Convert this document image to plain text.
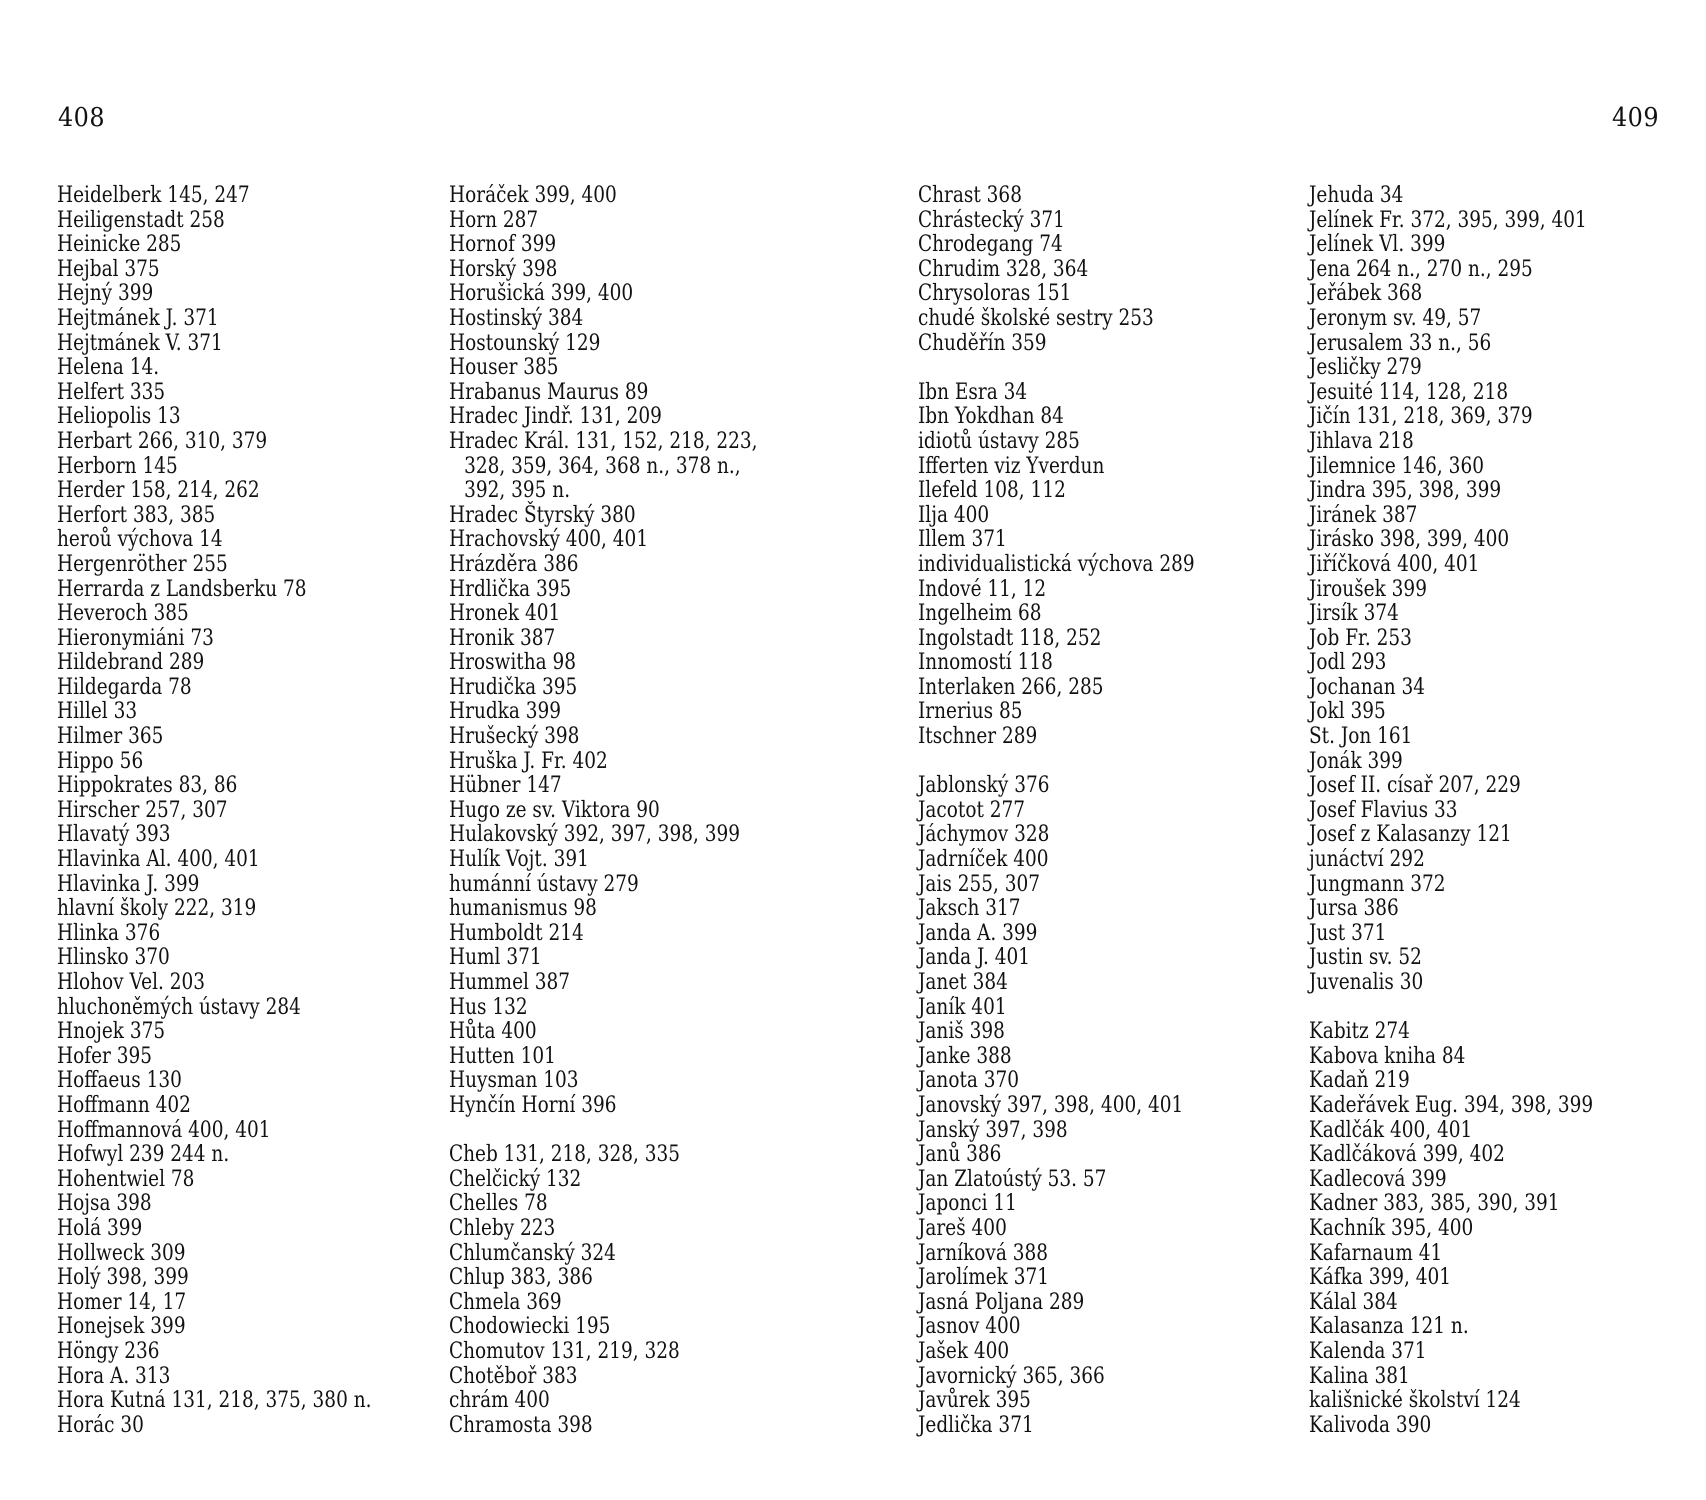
408	409
Heidelberk 145, 247
Heiligenstadt 258
Heinicke 285
Hejbal 375
Hejný 399
Hejtmánek J. 371
Hejtmánek V. 371
Helena 14.
Helfert 335
Heliopolis 13
Herbart 266, 310, 379
Herborn 145
Herder 158, 214, 262
Herfort 383, 385
heroů výchova 14
Hergenröther 255
Herrarda z Landsberku 78
Heveroch 385
Hieronymiáni 73
Hildebrand 289
Hildegarda 78
Hillel 33
Hilmer 365
Hippo 56
Hippokrates 83, 86
Hirscher 257, 307
Hlavatý 393
Hlavinka Al. 400, 401
Hlavinka J. 399
hlavní školy 222, 319
Hlinka 376
Hlinsko 370
Hlohov Vel. 203
hluchoněmých ústavy 284
Hnojek 375
Hofer 395
Hoffaeus 130
Hoffmann 402
Hoffmannová 400, 401
Hofwyl 239 244 n.
Hohentwiel 78
Hojsa 398
Holá 399
Hollweck 309
Holý 398, 399
Homer 14, 17
Honejsek 399
Höngy 236
Hora A. 313
Hora Kutná 131, 218, 375, 380 n.
Horác 30
Horáček 399, 400
Horn 287
Hornof 399
Horský 398
Horušická 399, 400
Hostinský 384
Hostounský 129
Houser 385
Hrabanus Maurus 89
Hradec Jindř. 131, 209
Hradec Král. 131, 152, 218, 223,
328, 359, 364, 368 n., 378 n.,
392, 395 n.
Hradec Štyrský 380
Hrachovský 400, 401
Hrázděra 386
Hrdlička 395
Hronek 401
Hronik 387
Hroswitha 98
Hrudička 395
Hrudka 399
Hrušecký 398
Hruška J. Fr. 402
Hübner 147
Hugo ze sv. Viktora 90
Hulakovský 392, 397, 398, 399
Hulík Vojt. 391
humánní ústavy 279
humanismus 98
Humboldt 214
Huml 371
Hummel 387
Hus 132
Hůta 400
Hutten 101
Huysman 103
Hynčín Horní 396
Cheb 131, 218, 328, 335
Chelčický 132
Chelles 78
Chleby 223
Chlumčanský 324
Chlup 383, 386
Chmela 369
Chodowiecki 195
Chomutov 131, 219, 328
Chotěboř 383
chrám 400
Chramosta 398
Chrast 368
Chrástecký 371
Chrodegang 74
Chrudim 328, 364
Chrysoloras 151
chudé školské sestry 253
Chuděřín 359
Ibn Esra 34
Ibn Yokdhan 84
idiotů ústavy 285
Ifferten viz Yverdun
Ilefeld 108, 112
Ilja 400
Illem 371
individualistická výchova 289
Indové 11, 12
Ingelheim 68
Ingolstadt 118, 252
Innomostí 118
Interlaken 266, 285
Irnerius 85
Itschner 289
Jablonský 376
Jacotot 277
Jáchymov 328
Jadrníček 400
Jais 255, 307
Jaksch 317
Janda A. 399
Janda J. 401
Janet 384
Janík 401
Janiš 398
Janke 388
Janota 370
Janovský 397, 398, 400, 401
Janský 397, 398
Janů 386
Jan Zlatoústý 53. 57
Japonci 11
Jareš 400
Jarníková 388
Jarolímek 371
Jasná Poljana 289
Jasnov 400
Jašek 400
Javornický 365, 366
Javůrek 395
Jedlička 371
Jehuda 34
Jelínek Fr. 372, 395, 399, 401
Jelínek Vl. 399
Jena 264 n., 270 n., 295
Jeřábek 368
Jeronym sv. 49, 57
Jerusalem 33 n., 56
Jesličky 279
Jesuité 114, 128, 218
Jičín 131, 218, 369, 379
Jihlava 218
Jilemnice 146, 360
Jindra 395, 398, 399
Jiránek 387
Jirásko 398, 399, 400
Jiříčková 400, 401
Jiroušek 399
Jirsík 374
Job Fr. 253
Jodl 293
Jochanan 34
Jokl 395
St. Jon 161
Jonák 399
Josef II. císař 207, 229
Josef Flavius 33
Josef z Kalasanzy 121
junáctví 292
Jungmann 372
Jursa 386
Just 371
Justin sv. 52
Juvenalis 30
Kabitz 274
Kabova kniha 84
Kadaň 219
Kadeřávek Eug. 394, 398, 399
Kadlčák 400, 401
Kadlčáková 399, 402
Kadlecová 399
Kadner 383, 385, 390, 391
Kachník 395, 400
Kafarnaum 41
Káfka 399, 401
Kálal 384
Kalasanza 121 n.
Kalenda 371
Kalina 381
kališnické školství 124
Kalivoda 390
